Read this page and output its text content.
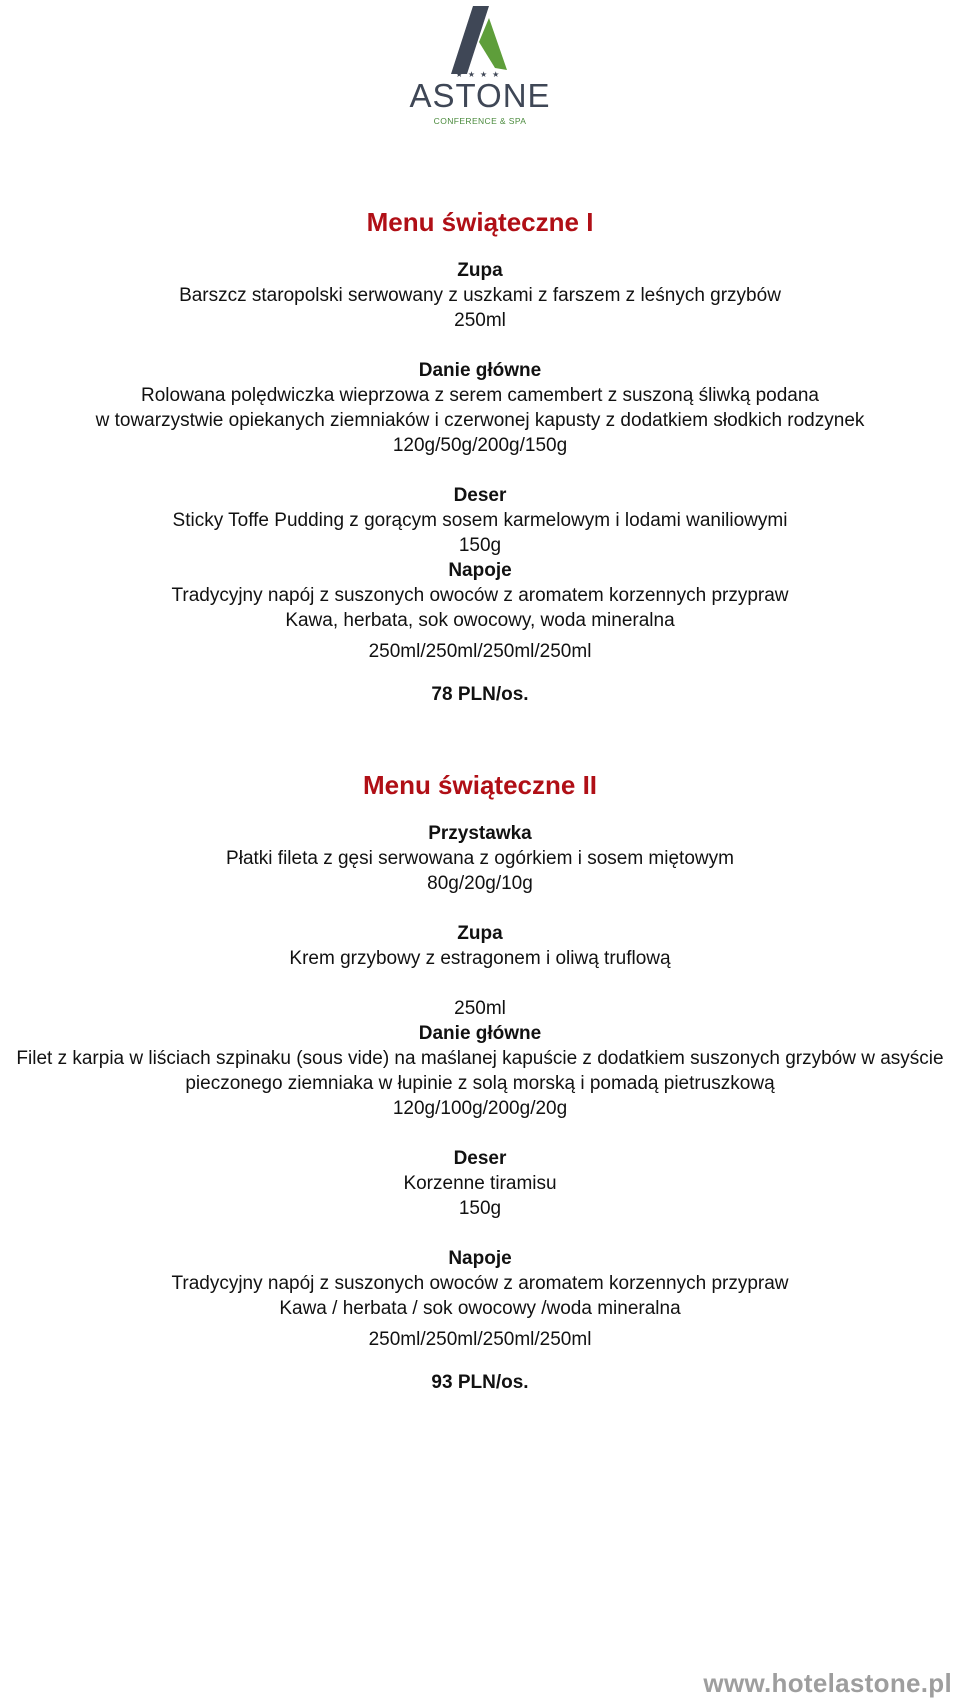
★★★★
ASTONE
CONFERENCE & SPA
Menu świąteczne I

Zupa

Barszcz staropolski serwowany z uszkami z farszem z leśnych grzybów

250ml

Danie główne

Rolowana polędwiczka wieprzowa z serem camembert z suszoną śliwką podana

w towarzystwie opiekanych ziemniaków i czerwonej kapusty z dodatkiem słodkich rodzynek

120g/50g/200g/150g

Deser

Sticky Toffe Pudding z gorącym sosem karmelowym i lodami waniliowymi

150g

Napoje

Tradycyjny napój z suszonych owoców z aromatem korzennych przypraw

Kawa, herbata, sok owocowy, woda mineralna

250ml/250ml/250ml/250ml

78 PLN/os.

Menu świąteczne II

Przystawka

Płatki fileta z gęsi serwowana z ogórkiem i sosem miętowym

80g/20g/10g

Zupa

Krem grzybowy z estragonem i oliwą truflową

250ml

Danie główne

Filet z karpia w liściach szpinaku (sous vide) na maślanej kapuście z dodatkiem suszonych grzybów w asyście

pieczonego ziemniaka w łupinie z solą morską i pomadą pietruszkową

120g/100g/200g/20g

Deser

Korzenne tiramisu

150g

Napoje

Tradycyjny napój z suszonych owoców z aromatem korzennych przypraw

Kawa / herbata / sok owocowy /woda mineralna

250ml/250ml/250ml/250ml

93 PLN/os.

www.hotelastone.pl
